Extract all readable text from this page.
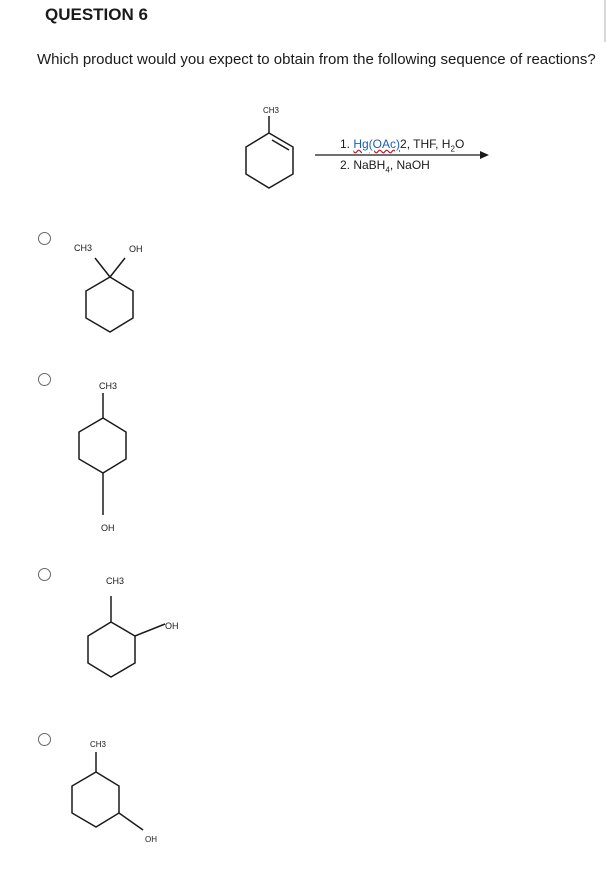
QUESTION 6
Which product would you expect to obtain from the following sequence of reactions?
CH3
CH3	OH
CH3
OH
CH3
OH
CH3
OH
1. Hg(OAc)2, THF, $H_2O$
2. NaBH$_4$, NaOH
